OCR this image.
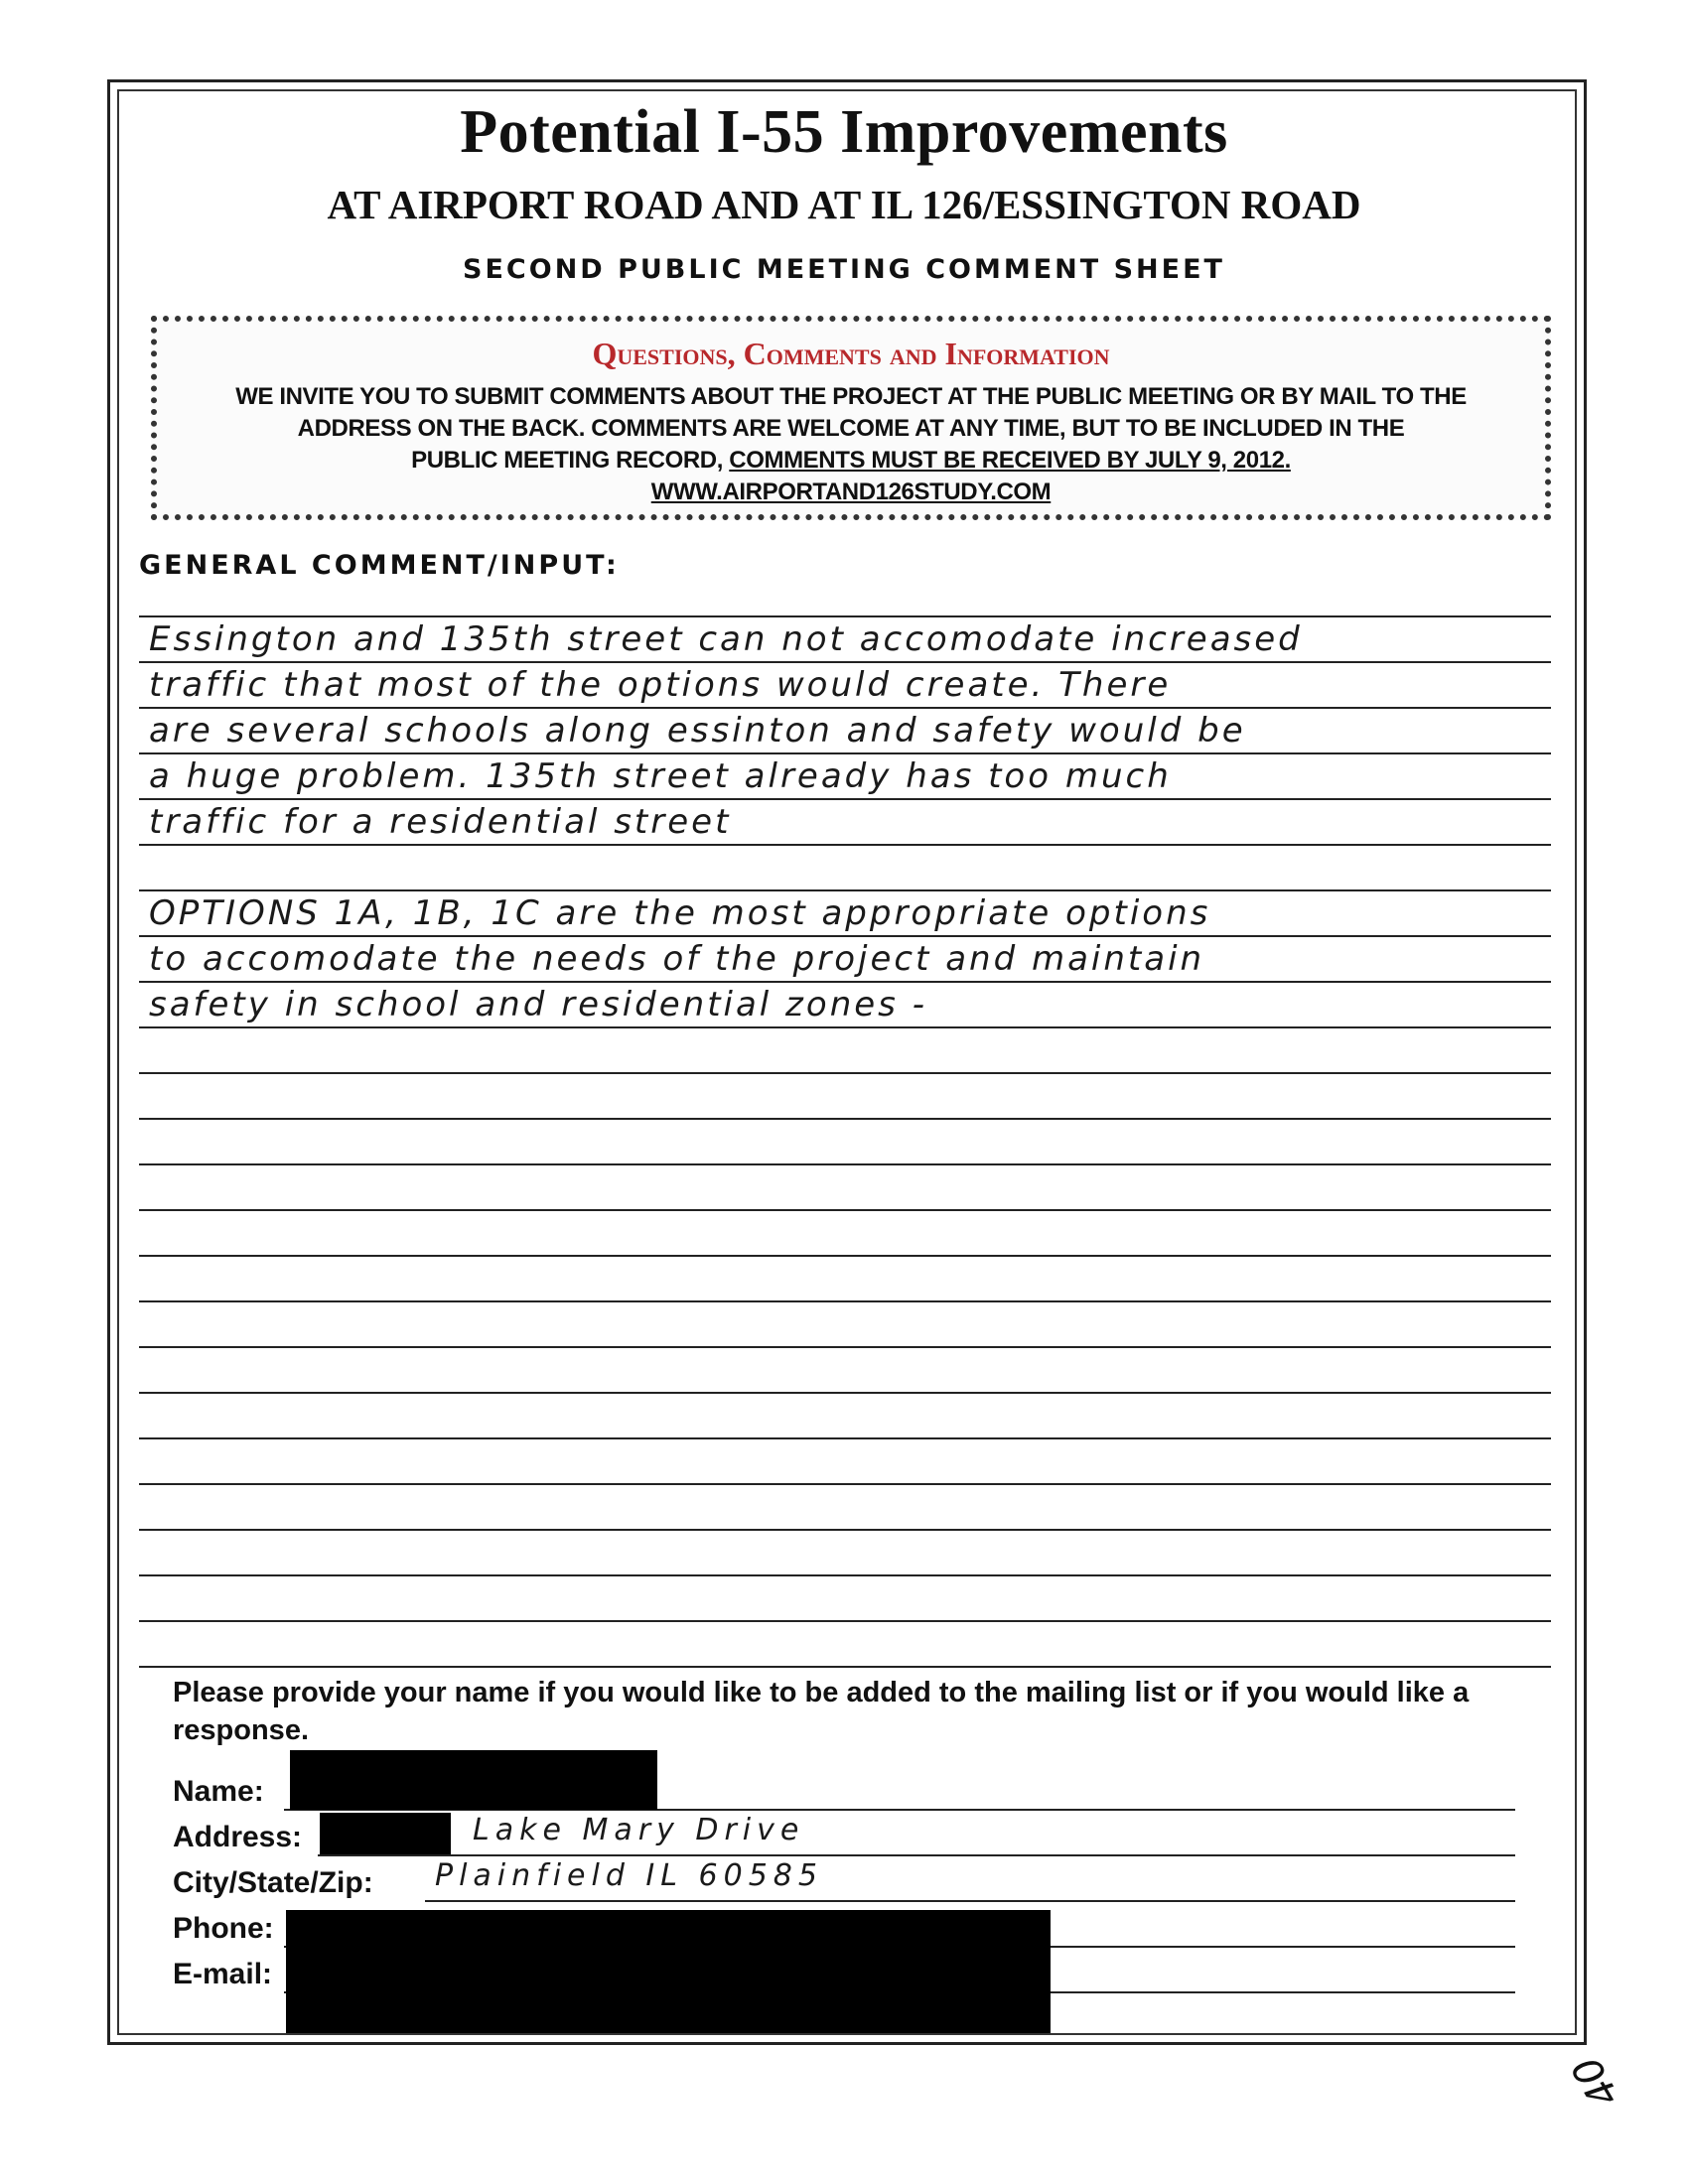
Potential I-55 Improvements
AT AIRPORT ROAD AND AT IL 126/ESSINGTON ROAD
SECOND PUBLIC MEETING COMMENT SHEET
Questions, Comments and Information
WE INVITE YOU TO SUBMIT COMMENTS ABOUT THE PROJECT AT THE PUBLIC MEETING OR BY MAIL TO THE
ADDRESS ON THE BACK. COMMENTS ARE WELCOME AT ANY TIME, BUT TO BE INCLUDED IN THE
PUBLIC MEETING RECORD, COMMENTS MUST BE RECEIVED BY JULY 9, 2012.
WWW.AIRPORTAND126STUDY.COM
GENERAL COMMENT/INPUT:
Essington and 135th street can not accomodate increased
traffic that most of the options would create. There
are several schools along essinton and safety would be
a huge problem. 135th street already has too much
traffic for a residential street
OPTIONS 1A, 1B, 1C are the most appropriate options
to accomodate the needs of the project and maintain
safety in school and residential zones -
Please provide your name if you would like to be added to the mailing list or if you would like a response.
Name:
Address:	Lake Mary Drive
City/State/Zip: Plainfield IL 60585
Phone:
E-mail:
40
